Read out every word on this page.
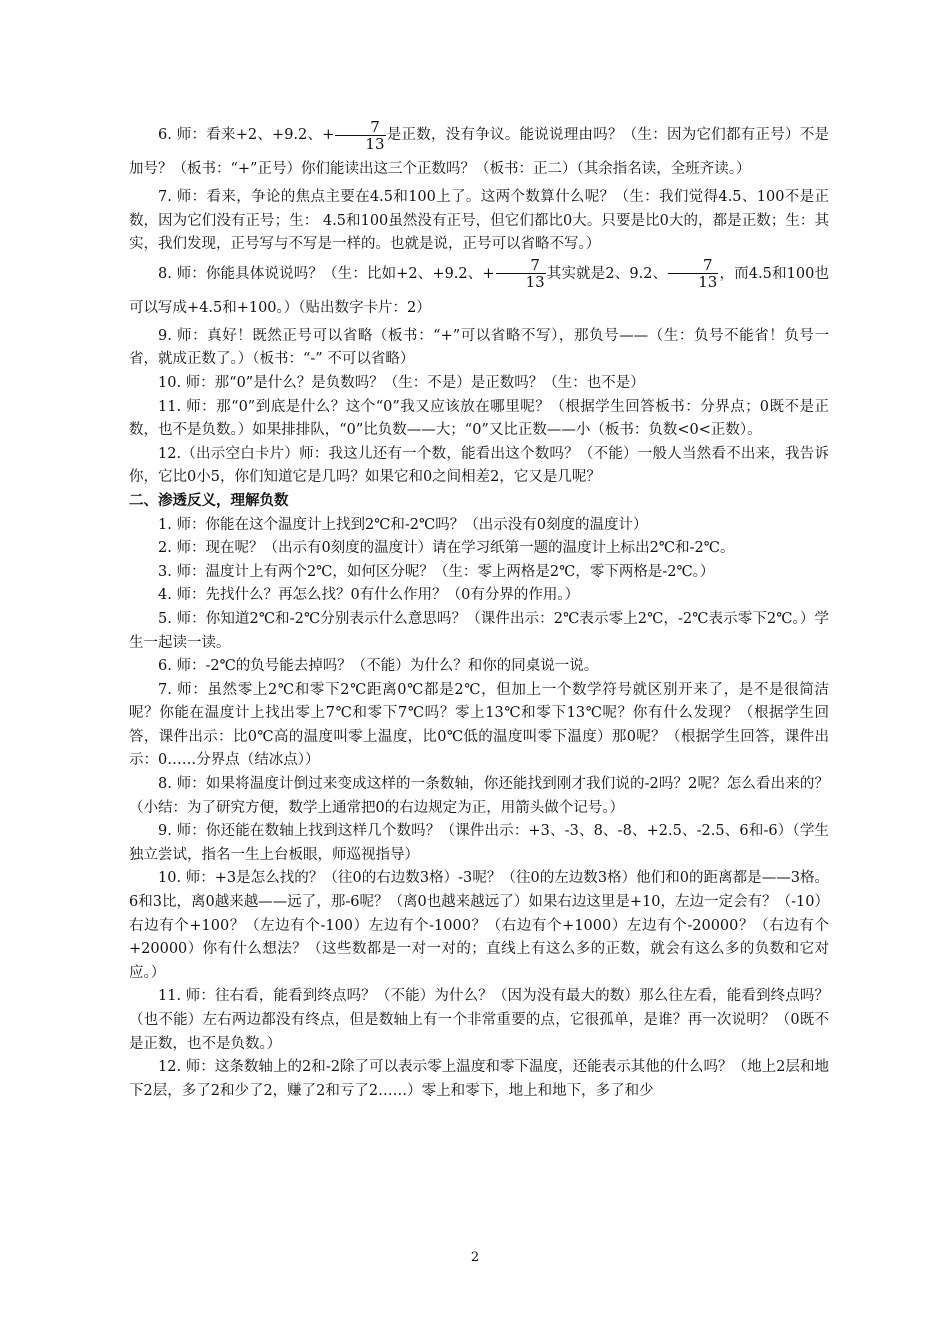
6. 师：看来+2、+9.2、+ $\frac{7}{13}$ 是正数，没有争议。能说说理由吗？（生：因为它们都有正号）不是加号？（板书：“+”正号）你们能读出这三个正数吗？（板书：正二）（其余指名读，全班齐读。）

7. 师：看来，争论的焦点主要在4.5和100上了。这两个数算什么呢？（生：我们觉得4.5、100不是正数，因为它们没有正号；生： 4.5和100虽然没有正号，但它们都比0大。只要是比0大的，都是正数；生：其实，我们发现，正号写与不写是一样的。也就是说，正号可以省略不写。）

8. 师：你能具体说说吗？（生：比如+2、+9.2、+ $\frac{7}{13}$ 其实就是2、9.2、 $\frac{7}{13}$ ，而4.5和100也可以写成+4.5和+100。）（贴出数字卡片：2）

9. 师：真好！既然正号可以省略（板书：“+”可以省略不写），那负号——（生：负号不能省！负号一省，就成正数了。）（板书：“-” 不可以省略）

10. 师：那“0”是什么？是负数吗？（生：不是）是正数吗？（生：也不是）

11. 师：那“0”到底是什么？这个“0”我又应该放在哪里呢？（根据学生回答板书：分界点；0既不是正数，也不是负数。）如果排排队，“0”比负数——大；“0”又比正数——小（板书：负数<0<正数）。

12.（出示空白卡片）师：我这儿还有一个数，能看出这个数吗？（不能）一般人当然看不出来，我告诉你，它比0小5，你们知道它是几吗？如果它和0之间相差2，它又是几呢？

二、渗透反义，理解负数

1. 师：你能在这个温度计上找到2℃和-2℃吗？（出示没有0刻度的温度计）

2. 师：现在呢？（出示有0刻度的温度计）请在学习纸第一题的温度计上标出2℃和-2℃。

3. 师：温度计上有两个2℃，如何区分呢？（生：零上两格是2℃，零下两格是-2℃。）

4. 师：先找什么？再怎么找？0有什么作用？（0有分界的作用。）

5. 师：你知道2℃和-2℃分别表示什么意思吗？（课件出示：2℃表示零上2℃，-2℃表示零下2℃。）学生一起读一读。

6. 师：-2℃的负号能去掉吗？（不能）为什么？和你的同桌说一说。

7. 师：虽然零上2℃和零下2℃距离0℃都是2℃，但加上一个数学符号就区别开来了，是不是很简洁呢？你能在温度计上找出零上7℃和零下7℃吗？零上13℃和零下13℃呢？你有什么发现？（根据学生回答，课件出示：比0℃高的温度叫零上温度，比0℃低的温度叫零下温度）那0呢？（根据学生回答，课件出示：0……分界点（结冰点））

8. 师：如果将温度计倒过来变成这样的一条数轴，你还能找到刚才我们说的-2吗？2呢？怎么看出来的？（小结：为了研究方便，数学上通常把0的右边规定为正，用箭头做个记号。）

9. 师：你还能在数轴上找到这样几个数吗？（课件出示：+3、-3、8、-8、+2.5、-2.5、6和-6）（学生独立尝试，指名一生上台板眼，师巡视指导）

10. 师：+3是怎么找的？（往0的右边数3格）-3呢？（往0的左边数3格）他们和0的距离都是——3格。6和3比，离0越来越——远了，那-6呢？（离0也越来越远了）如果右边这里是+10，左边一定会有？（-10）右边有个+100？（左边有个-100）左边有个-1000？（右边有个+1000）左边有个-20000？（右边有个+20000）你有什么想法？（这些数都是一对一对的；直线上有这么多的正数，就会有这么多的负数和它对应。）

11. 师：往右看，能看到终点吗？（不能）为什么？（因为没有最大的数）那么往左看，能看到终点吗？（也不能）左右两边都没有终点，但是数轴上有一个非常重要的点，它很孤单，是谁？再一次说明？（0既不是正数，也不是负数。）

12. 师：这条数轴上的2和-2除了可以表示零上温度和零下温度，还能表示其他的什么吗？（地上2层和地下2层，多了2和少了2，赚了2和亏了2……）零上和零下，地上和地下，多了和少

2
